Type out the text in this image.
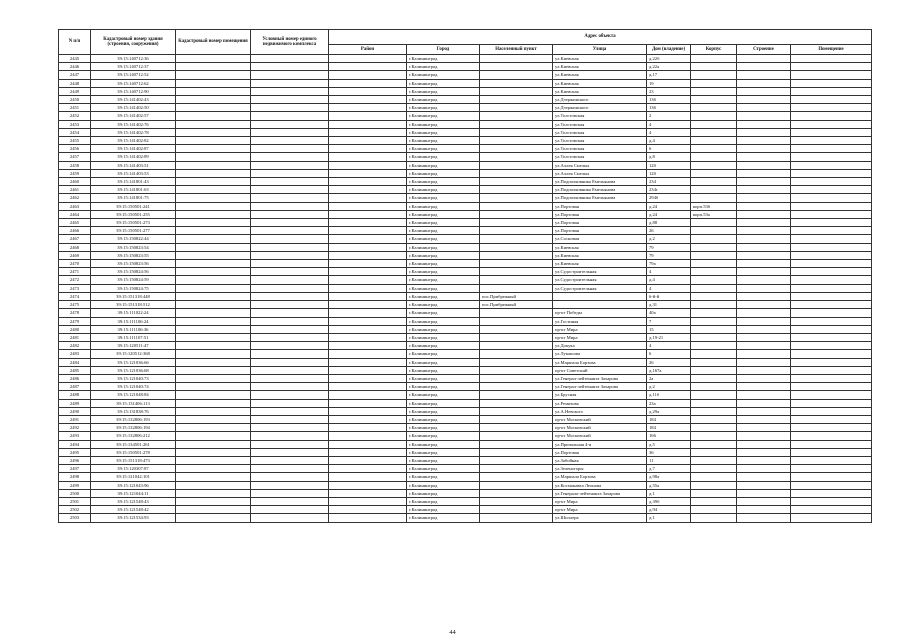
N п/п	Кадастровый номер здания (строения, сооружения)	Кадастровый номер помещения	Условный номер единого недвижимого комплекса	Адрес объекта							
				Район	Город	Населенный пункт	Улица	Дом (владение)	Корпус	Строение	Помещение
2445	39:15:140712:36				г.Калининград		ул.Киевская	д.22б			
2446	39:15:140712:37				г.Калининград		ул.Киевская	д.22а			
2447	39:15:140712:52				г.Калининград		ул.Киевская	д.17			
2448	39:15:140712:62				г.Калининград		ул.Киевская	19			
2449	39:15:140712:90				г.Калининград		ул.Киевская	23			
2450	39:15:141402:43				г.Калининград		ул.Дзержинского	136			
2451	39:15:141402:50				г.Калининград		ул.Дзержинского	136			
2452	39:15:141402:57				г.Калининград		ул.Толстовская	2			
2453	39:15:141402:76				г.Калининград		ул.Толстовская	4			
2454	39:15:141402:78				г.Калининград		ул.Толстовская	4			
2455	39:15:141402:82				г.Калининград		ул.Толстовская	д.4			
2456	39:15:141402:87				г.Калининград		ул.Толстовская	6			
2457	39:15:141402:89				г.Калининград		ул.Толстовская	д.8			
2458	39:15:141403:51				г.Калининград		ул.Аллея Смелых	120			
2459	39:15:141403:53				г.Калининград		ул.Аллея Смелых	120			
2460	39:15:141801:43				г.Калининград		ул.Подполковника Емельянова	234			
2461	39:15:141801:63				г.Калининград		ул.Подполковника Емельянова	234г			
2462	39:15:141801:75				г.Калининград		ул.Подполковника Емельянова	294б			
2463	39:15:150501:241				г.Калининград		ул.Портовая	д.24	корп.53б		
2464	39:15:150501:255				г.Калининград		ул.Портовая	д.24	корп.53а		
2465	39:15:150501:273				г.Калининград		ул.Портовая	д.88			
2466	39:15:150501:277				г.Калининград		ул.Портовая	26			
2467	39:15:150822:44				г.Калининград		ул.Сосновая	д.2			
2468	39:15:150823:54				г.Калининград		ул.Киевская	79			
2469	39:15:150823:55				г.Калининград		ул.Киевская	79			
2470	39:15:150823:56				г.Калининград		ул.Киевская	79а			
2471	39:15:150824:56				г.Калининград		ул.Судостроительная	4			
2472	39:15:150824:59				г.Калининград		ул.Судостроительная	д.4			
2473	39:15:150824:75				г.Калининград		ул.Судостроительная	4			
2474	39:15:151318:448				г.Калининград	пос.Прибрежный		6-й-й			
2475	39:15:151318:512				г.Калининград	пос.Прибрежный		д.31			
2478	39:15:111022:24				г.Калининград		пр-кт Победы	40а			
2479	39:15:111106:24				г.Калининград		ул.Гостиная	7			
2480	39:15:111106:36				г.Калининград		пр-кт Мира	15			
2481	39:15:111107:51				г.Калининград		пр-кт Мира	д.19-21			
2482	39:15:120511:47				г.Калининград		ул.Докука	4			
2483	39:15:120512:368				г.Калининград		ул.Лукашова	6			
2484	39:15:121036:66				г.Калининград		ул.Маршала Борзова	26			
2485	39:15:121036:68				г.Калининград		пр-кт Советский	д.167а			
2486	39:15:121040:73				г.Калининград		ул.Генерал-лейтенанта Захарова	2а			
2487	39:15:121040:74				г.Калининград		ул.Генерал-лейтенанта Захарова	д.2			
2488	39:15:121048:84				г.Калининград		ул.Брусная	д.11б			
2489	39:15:131406:113				г.Калининград		ул.Ремизова	23а			
2490	39:15:131838:76				г.Калининград		ул.А.Невского	д.29а			
2491	39:15:132806:193				г.Калининград		пр-кт Московский	184			
2492	39:15:132806:194				г.Калининград		пр-кт Московский	184			
2493	39:15:132806:212				г.Калининград		пр-кт Московский	166			
2494	39:15:134501:261				г.Калининград		ул.Причальная 4-я	д.5			
2495	39:15:150501:278				г.Калининград		ул.Портовая	36			
2496	39:15:151318:473				г.Калининград		ул.Забойная	11			
2497	39:15:120307:87				г.Калининград		ул.Зеленогоры	д.7			
2498	39:15:121042:101				г.Калининград		ул.Маршала Борзова	д.98а			
2499	39:15:121043:96				г.Калининград		ул.Космонавта Леонова	д.55а			
2500	39:15:121044:11				г.Калининград		ул.Генерала-лейтенанта Захарова	д.1			
2501	39:15:121548:43				г.Калининград		пр-кт Мира	д.39б			
2502	39:15:121548:42				г.Калининград		пр-кт Мира	д.94			
2503	39:15:121534:93				г.Калининград		ул.Шиллера	д.1			
44
